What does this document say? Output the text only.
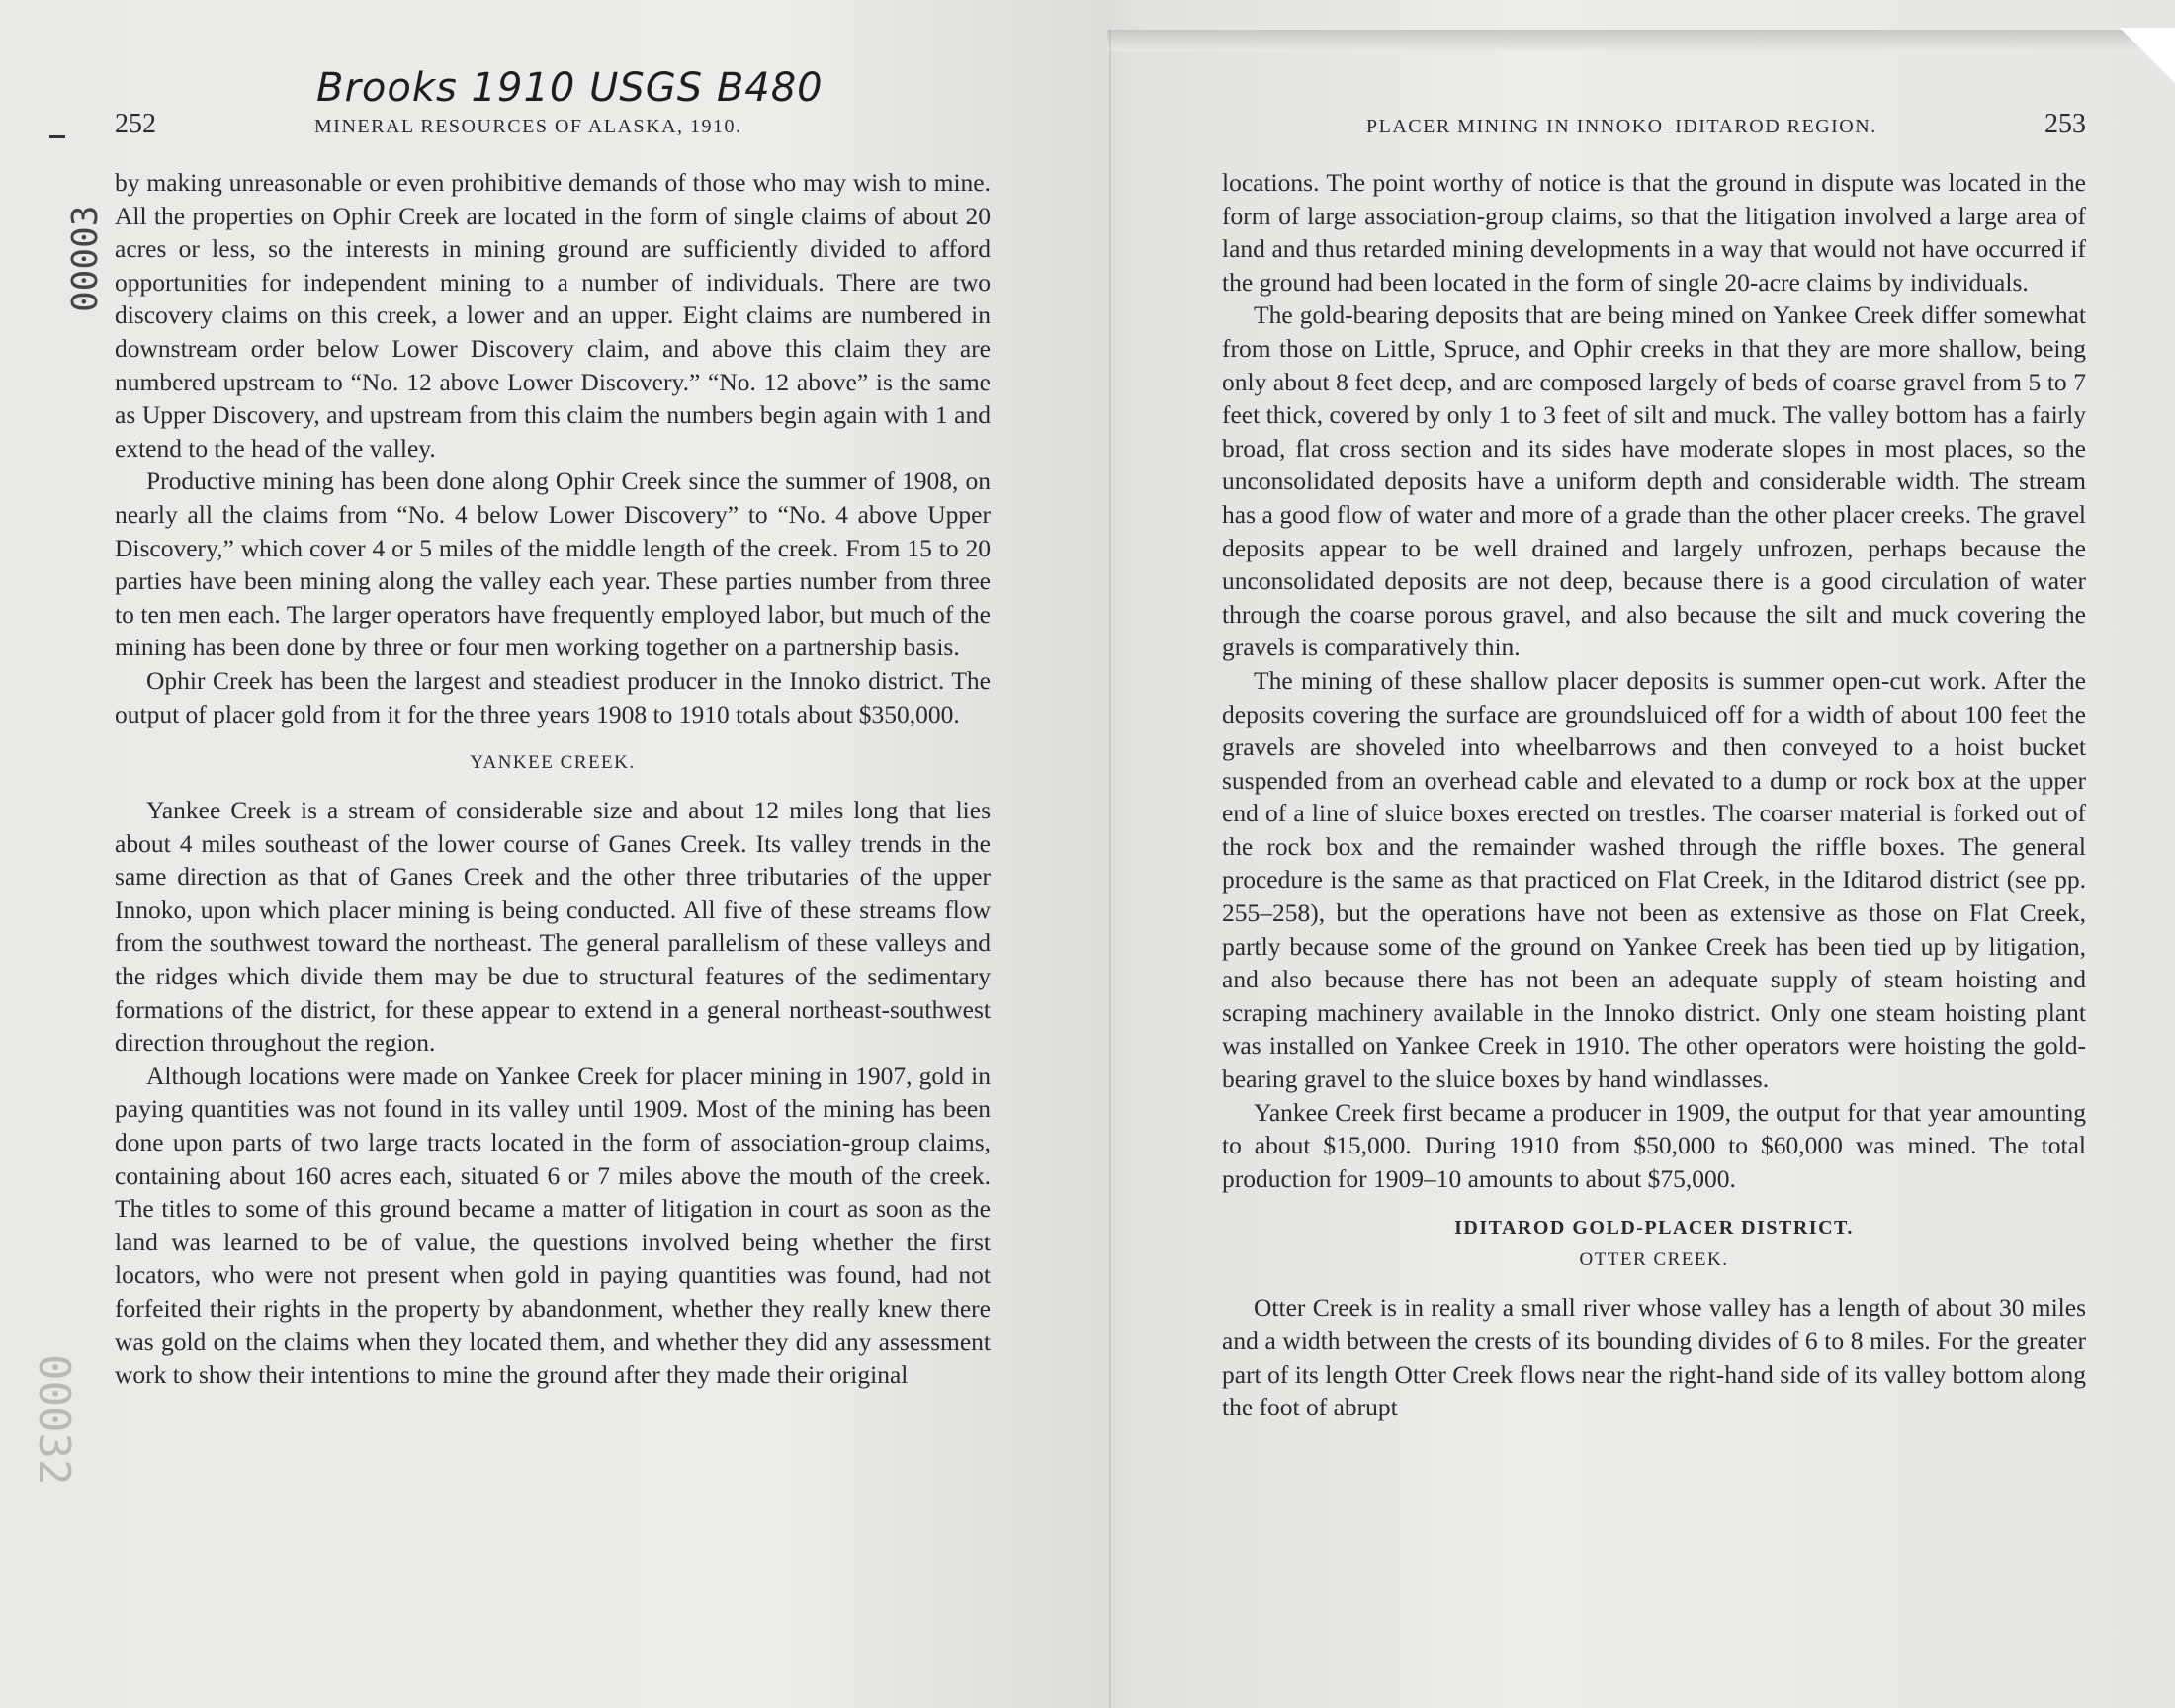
Brooks 1910 USGS B480
00003
00032
252	MINERAL RESOURCES OF ALASKA, 1910.

by making unreasonable or even prohibitive demands of those who may wish to mine. All the properties on Ophir Creek are located in the form of single claims of about 20 acres or less, so the interests in mining ground are sufficiently divided to afford opportunities for independent mining to a number of individuals. There are two discovery claims on this creek, a lower and an upper. Eight claims are numbered in downstream order below Lower Discovery claim, and above this claim they are numbered upstream to “No. 12 above Lower Discovery.” “No. 12 above” is the same as Upper Discovery, and upstream from this claim the numbers begin again with 1 and extend to the head of the valley.

Productive mining has been done along Ophir Creek since the summer of 1908, on nearly all the claims from “No. 4 below Lower Discovery” to “No. 4 above Upper Discovery,” which cover 4 or 5 miles of the middle length of the creek. From 15 to 20 parties have been mining along the valley each year. These parties number from three to ten men each. The larger operators have frequently employed labor, but much of the mining has been done by three or four men working together on a partnership basis.

Ophir Creek has been the largest and steadiest producer in the Innoko district. The output of placer gold from it for the three years 1908 to 1910 totals about $350,000.

YANKEE CREEK.

Yankee Creek is a stream of considerable size and about 12 miles long that lies about 4 miles southeast of the lower course of Ganes Creek. Its valley trends in the same direction as that of Ganes Creek and the other three tributaries of the upper Innoko, upon which placer mining is being conducted. All five of these streams flow from the southwest toward the northeast. The general parallelism of these valleys and the ridges which divide them may be due to structural features of the sedimentary formations of the district, for these appear to extend in a general northeast-southwest direction throughout the region.

Although locations were made on Yankee Creek for placer mining in 1907, gold in paying quantities was not found in its valley until 1909. Most of the mining has been done upon parts of two large tracts located in the form of association-group claims, containing about 160 acres each, situated 6 or 7 miles above the mouth of the creek. The titles to some of this ground became a matter of litigation in court as soon as the land was learned to be of value, the questions involved being whether the first locators, who were not present when gold in paying quantities was found, had not forfeited their rights in the property by abandonment, whether they really knew there was gold on the claims when they located them, and whether they did any assessment work to show their intentions to mine the ground after they made their original

PLACER MINING IN INNOKO–IDITAROD REGION.	253

locations. The point worthy of notice is that the ground in dispute was located in the form of large association-group claims, so that the litigation involved a large area of land and thus retarded mining developments in a way that would not have occurred if the ground had been located in the form of single 20-acre claims by individuals.

The gold-bearing deposits that are being mined on Yankee Creek differ somewhat from those on Little, Spruce, and Ophir creeks in that they are more shallow, being only about 8 feet deep, and are composed largely of beds of coarse gravel from 5 to 7 feet thick, covered by only 1 to 3 feet of silt and muck. The valley bottom has a fairly broad, flat cross section and its sides have moderate slopes in most places, so the unconsolidated deposits have a uniform depth and considerable width. The stream has a good flow of water and more of a grade than the other placer creeks. The gravel deposits appear to be well drained and largely unfrozen, perhaps because the unconsolidated deposits are not deep, because there is a good circulation of water through the coarse porous gravel, and also because the silt and muck covering the gravels is comparatively thin.

The mining of these shallow placer deposits is summer open-cut work. After the deposits covering the surface are groundsluiced off for a width of about 100 feet the gravels are shoveled into wheelbarrows and then conveyed to a hoist bucket suspended from an overhead cable and elevated to a dump or rock box at the upper end of a line of sluice boxes erected on trestles. The coarser material is forked out of the rock box and the remainder washed through the riffle boxes. The general procedure is the same as that practiced on Flat Creek, in the Iditarod district (see pp. 255–258), but the operations have not been as extensive as those on Flat Creek, partly because some of the ground on Yankee Creek has been tied up by litigation, and also because there has not been an adequate supply of steam hoisting and scraping machinery available in the Innoko district. Only one steam hoisting plant was installed on Yankee Creek in 1910. The other operators were hoisting the gold-bearing gravel to the sluice boxes by hand windlasses.

Yankee Creek first became a producer in 1909, the output for that year amounting to about $15,000. During 1910 from $50,000 to $60,000 was mined. The total production for 1909–10 amounts to about $75,000.

IDITAROD GOLD-PLACER DISTRICT.
OTTER CREEK.

Otter Creek is in reality a small river whose valley has a length of about 30 miles and a width between the crests of its bounding divides of 6 to 8 miles. For the greater part of its length Otter Creek flows near the right-hand side of its valley bottom along the foot of abrupt
